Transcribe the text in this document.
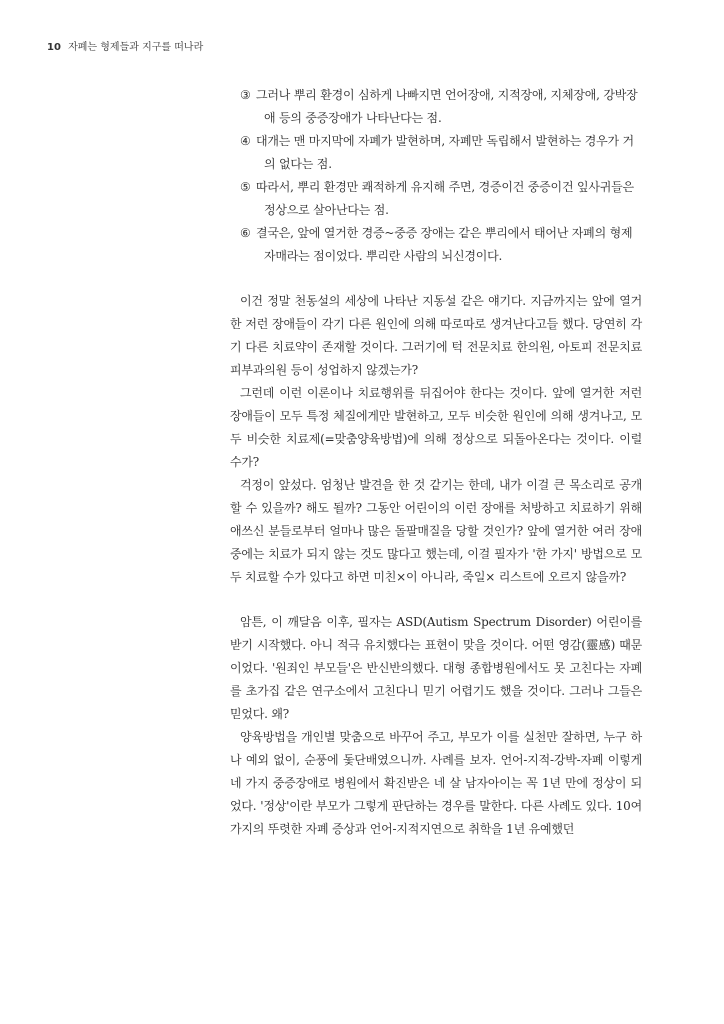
10 자폐는 형제들과 지구를 떠나라
③ 그러나 뿌리 환경이 심하게 나빠지면 언어장애, 지적장애, 지체장애, 강박장애 등의 중증장애가 나타난다는 점.
④ 대개는 맨 마지막에 자폐가 발현하며, 자폐만 독립해서 발현하는 경우가 거의 없다는 점.
⑤ 따라서, 뿌리 환경만 쾌적하게 유지해 주면, 경증이건 중증이건 잎사귀들은 정상으로 살아난다는 점.
⑥ 결국은, 앞에 열거한 경증~중증 장애는 같은 뿌리에서 태어난 자폐의 형제자매라는 점이었다. 뿌리란 사람의 뇌신경이다.

이건 정말 천동설의 세상에 나타난 지동설 같은 얘기다. 지금까지는 앞에 열거한 저런 장애들이 각기 다른 원인에 의해 따로따로 생겨난다고들 했다. 당연히 각기 다른 치료약이 존재할 것이다. 그러기에 턱 전문치료 한의원, 아토피 전문치료 피부과의원 등이 성업하지 않겠는가?

그런데 이런 이론이나 치료행위를 뒤집어야 한다는 것이다. 앞에 열거한 저런 장애들이 모두 특정 체질에게만 발현하고, 모두 비슷한 원인에 의해 생겨나고, 모두 비슷한 치료제(=맞춤양육방법)에 의해 정상으로 되돌아온다는 것이다. 이럴 수가?

걱정이 앞섰다. 엄청난 발견을 한 것 같기는 한데, 내가 이걸 큰 목소리로 공개할 수 있을까? 해도 될까? 그동안 어린이의 이런 장애를 처방하고 치료하기 위해 애쓰신 분들로부터 얼마나 많은 돌팔매질을 당할 것인가? 앞에 열거한 여러 장애 중에는 치료가 되지 않는 것도 많다고 했는데, 이걸 필자가 '한 가지' 방법으로 모두 치료할 수가 있다고 하면 미친×이 아니라, 죽일× 리스트에 오르지 않을까?

암튼, 이 깨달음 이후, 필자는 ASD(Autism Spectrum Disorder) 어린이를 받기 시작했다. 아니 적극 유치했다는 표현이 맞을 것이다. 어떤 영감(靈感) 때문이었다. '원죄인 부모들'은 반신반의했다. 대형 종합병원에서도 못 고친다는 자폐를 초가집 같은 연구소에서 고친다니 믿기 어렵기도 했을 것이다. 그러나 그들은 믿었다. 왜?

양육방법을 개인별 맞춤으로 바꾸어 주고, 부모가 이를 실천만 잘하면, 누구 하나 예외 없이, 순풍에 돛단배였으니까. 사례를 보자. 언어-지적-강박-자폐 이렇게 네 가지 중증장애로 병원에서 확진받은 네 살 남자아이는 꼭 1년 만에 정상이 되었다. '정상'이란 부모가 그렇게 판단하는 경우를 말한다. 다른 사례도 있다. 10여 가지의 뚜렷한 자폐 증상과 언어-지적지연으로 취학을 1년 유예했던
